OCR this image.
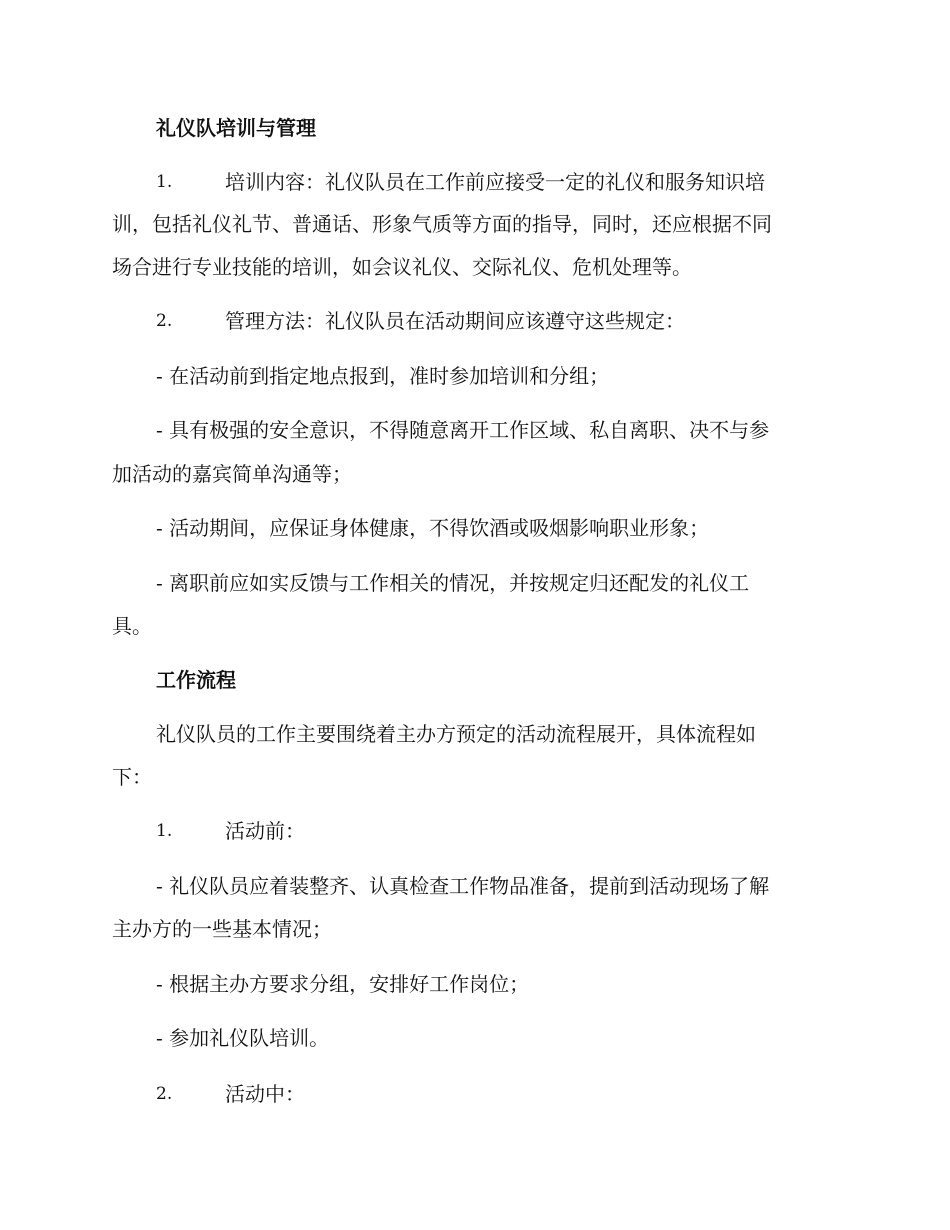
礼仪队培训与管理
1.	培训内容：礼仪队员在工作前应接受一定的礼仪和服务知识培
训，包括礼仪礼节、普通话、形象气质等方面的指导，同时，还应根据不同
场合进行专业技能的培训，如会议礼仪、交际礼仪、危机处理等。
2.	管理方法：礼仪队员在活动期间应该遵守这些规定：
- 在活动前到指定地点报到，准时参加培训和分组；
- 具有极强的安全意识，不得随意离开工作区域、私自离职、决不与参
加活动的嘉宾简单沟通等；
- 活动期间，应保证身体健康，不得饮酒或吸烟影响职业形象；
- 离职前应如实反馈与工作相关的情况，并按规定归还配发的礼仪工
具。
工作流程
礼仪队员的工作主要围绕着主办方预定的活动流程展开，具体流程如
下：
1.	活动前：
- 礼仪队员应着装整齐、认真检查工作物品准备，提前到活动现场了解
主办方的一些基本情况；
- 根据主办方要求分组，安排好工作岗位；
- 参加礼仪队培训。
2.	活动中：
